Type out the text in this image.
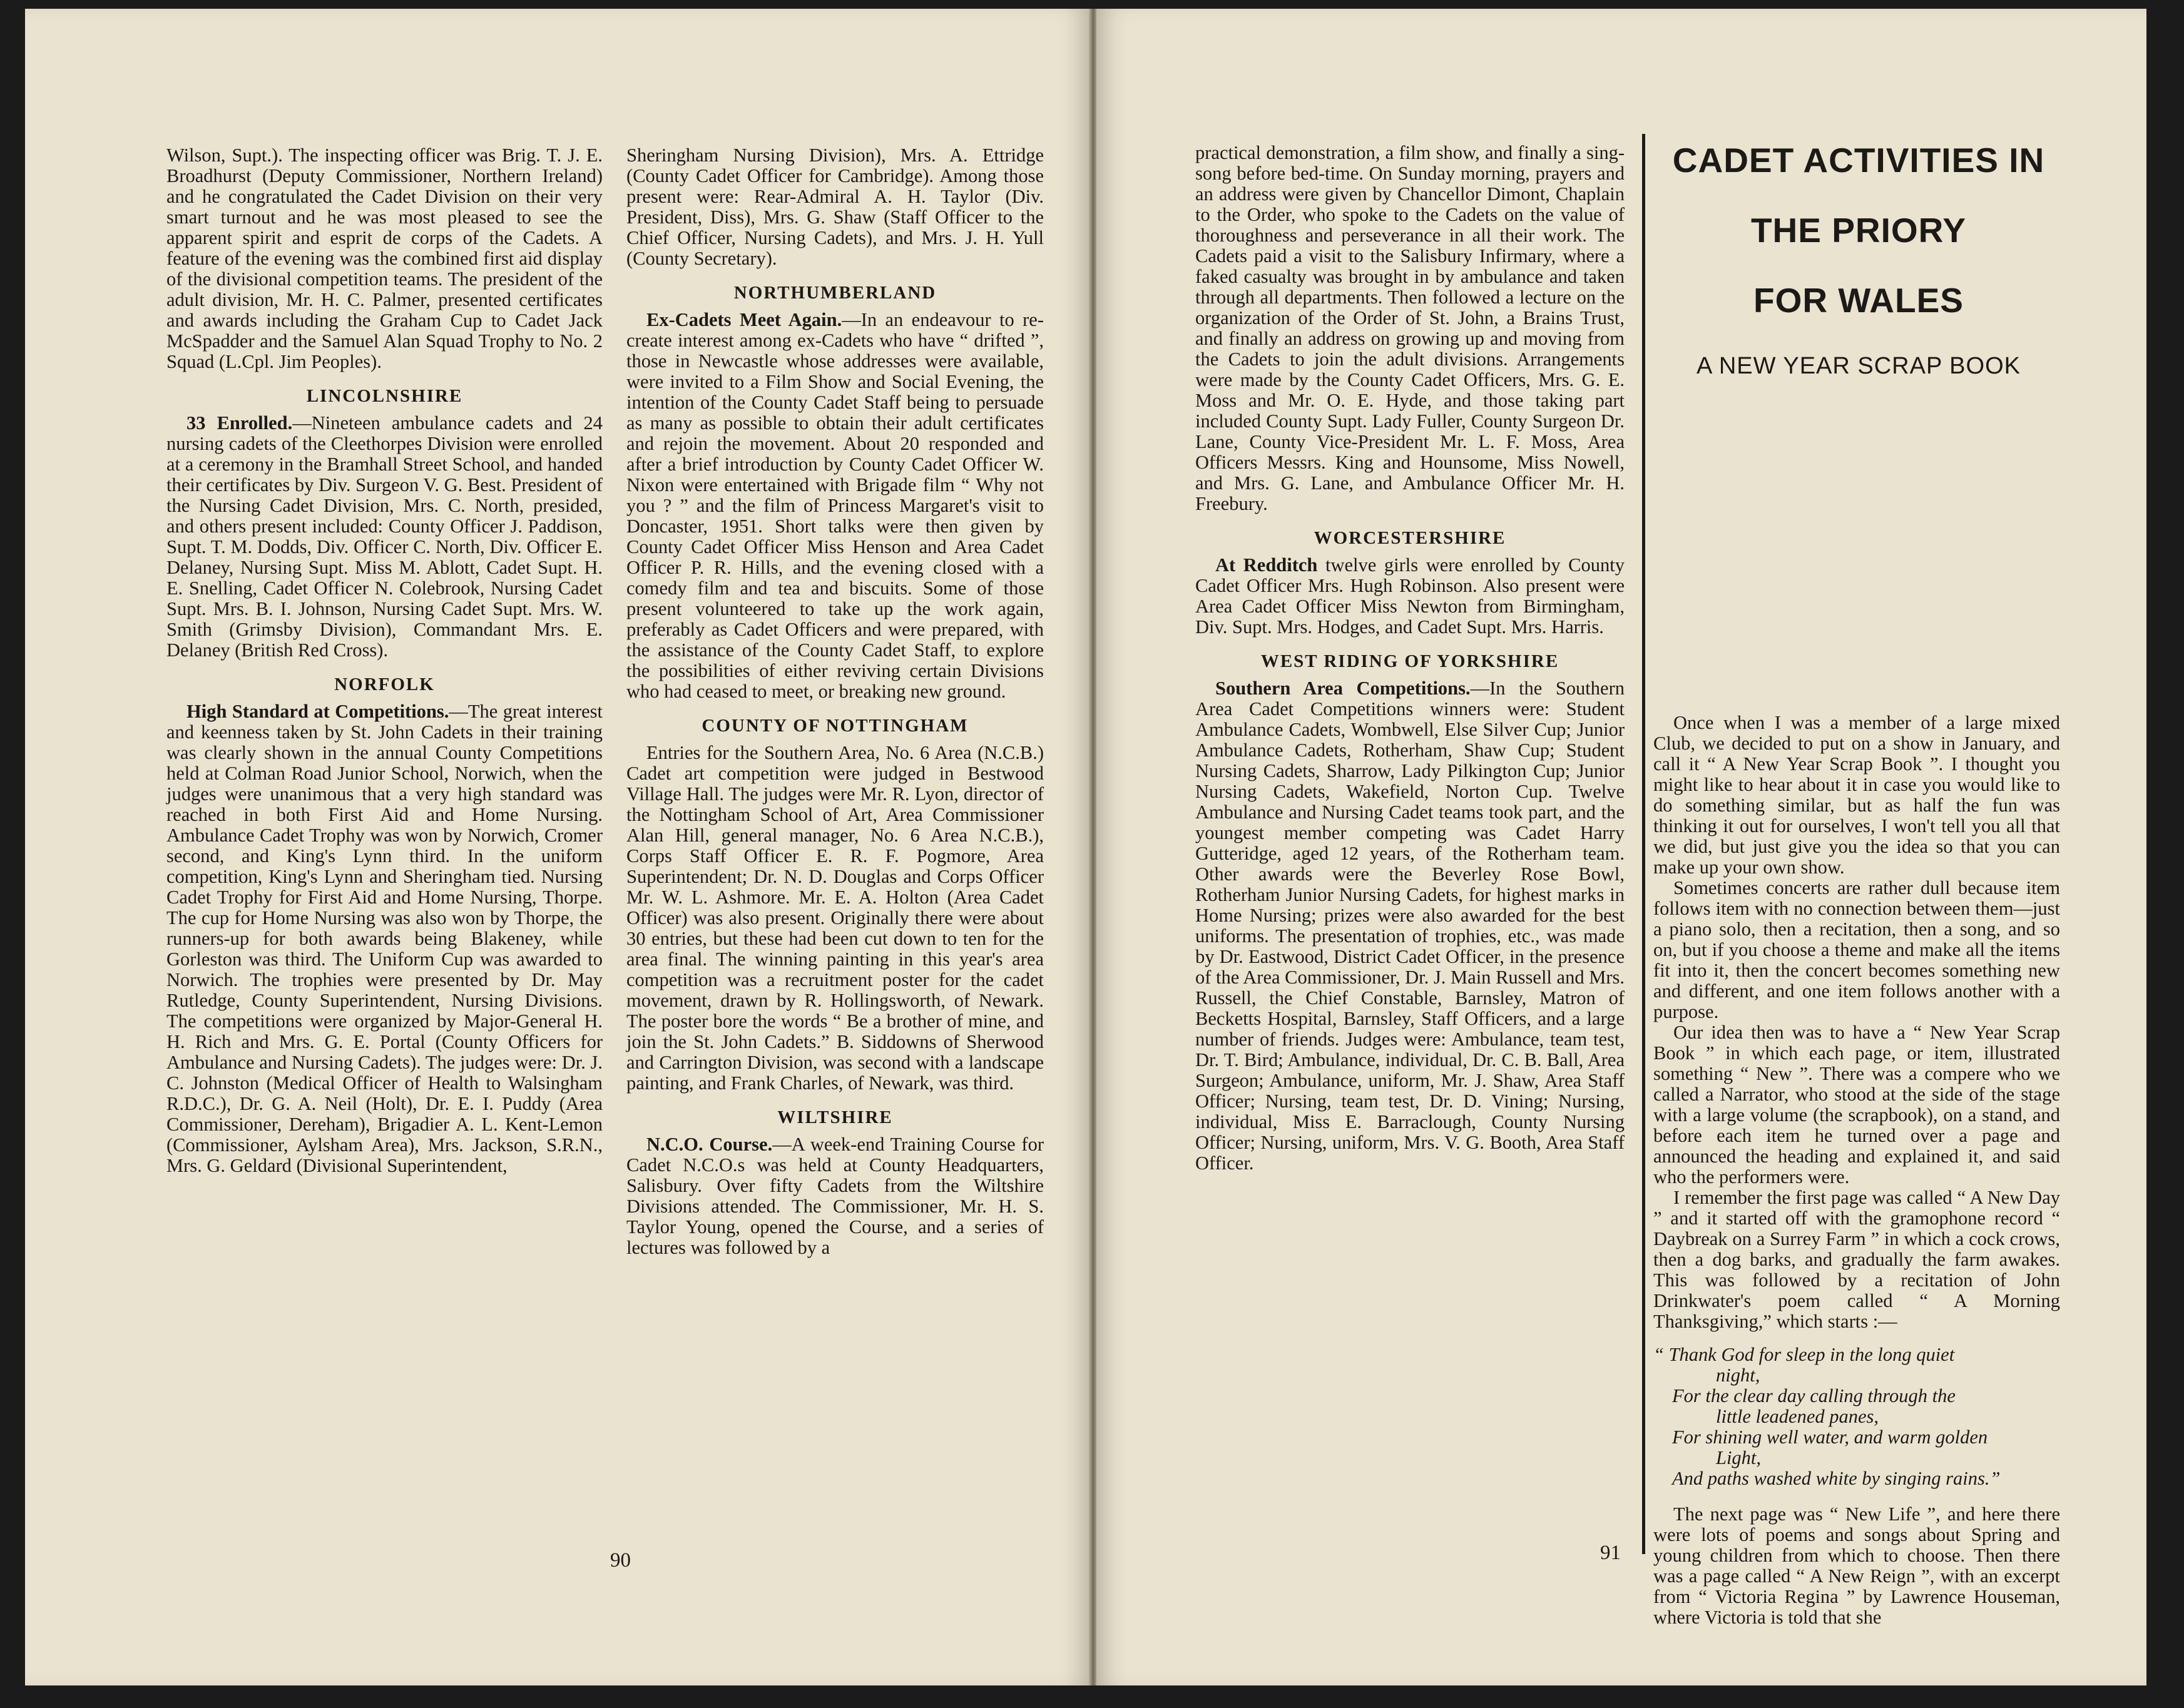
Wilson, Supt.). The inspecting officer was Brig. T. J. E. Broadhurst (Deputy Commissioner, Northern Ireland) and he congratulated the Cadet Division on their very smart turnout and he was most pleased to see the apparent spirit and esprit de corps of the Cadets. A feature of the evening was the combined first aid display of the divisional competition teams. The president of the adult division, Mr. H. C. Palmer, presented certificates and awards including the Graham Cup to Cadet Jack McSpadder and the Samuel Alan Squad Trophy to No. 2 Squad (L.Cpl. Jim Peoples).

LINCOLNSHIRE

33 Enrolled.—Nineteen ambulance cadets and 24 nursing cadets of the Cleethorpes Division were enrolled at a ceremony in the Bramhall Street School, and handed their certificates by Div. Surgeon V. G. Best. President of the Nursing Cadet Division, Mrs. C. North, presided, and others present included: County Officer J. Paddison, Supt. T. M. Dodds, Div. Officer C. North, Div. Officer E. Delaney, Nursing Supt. Miss M. Ablott, Cadet Supt. H. E. Snelling, Cadet Officer N. Colebrook, Nursing Cadet Supt. Mrs. B. I. Johnson, Nursing Cadet Supt. Mrs. W. Smith (Grimsby Division), Commandant Mrs. E. Delaney (British Red Cross).

NORFOLK

High Standard at Competitions.—The great interest and keenness taken by St. John Cadets in their training was clearly shown in the annual County Competitions held at Colman Road Junior School, Norwich, when the judges were unanimous that a very high standard was reached in both First Aid and Home Nursing. Ambulance Cadet Trophy was won by Norwich, Cromer second, and King's Lynn third. In the uniform competition, King's Lynn and Sheringham tied. Nursing Cadet Trophy for First Aid and Home Nursing, Thorpe. The cup for Home Nursing was also won by Thorpe, the runners-up for both awards being Blakeney, while Gorleston was third. The Uniform Cup was awarded to Norwich. The trophies were presented by Dr. May Rutledge, County Superintendent, Nursing Divisions. The competitions were organized by Major-General H. H. Rich and Mrs. G. E. Portal (County Officers for Ambulance and Nursing Cadets). The judges were: Dr. J. C. Johnston (Medical Officer of Health to Walsingham R.D.C.), Dr. G. A. Neil (Holt), Dr. E. I. Puddy (Area Commissioner, Dereham), Brigadier A. L. Kent-Lemon (Commissioner, Aylsham Area), Mrs. Jackson, S.R.N., Mrs. G. Geldard (Divisional Superintendent,

Sheringham Nursing Division), Mrs. A. Ettridge (County Cadet Officer for Cambridge). Among those present were: Rear-Admiral A. H. Taylor (Div. President, Diss), Mrs. G. Shaw (Staff Officer to the Chief Officer, Nursing Cadets), and Mrs. J. H. Yull (County Secretary).

NORTHUMBERLAND

Ex-Cadets Meet Again.—In an endeavour to re-create interest among ex-Cadets who have “ drifted ”, those in Newcastle whose addresses were available, were invited to a Film Show and Social Evening, the intention of the County Cadet Staff being to persuade as many as possible to obtain their adult certificates and rejoin the movement. About 20 responded and after a brief introduction by County Cadet Officer W. Nixon were entertained with Brigade film “ Why not you ? ” and the film of Princess Margaret's visit to Doncaster, 1951. Short talks were then given by County Cadet Officer Miss Henson and Area Cadet Officer P. R. Hills, and the evening closed with a comedy film and tea and biscuits. Some of those present volunteered to take up the work again, preferably as Cadet Officers and were prepared, with the assistance of the County Cadet Staff, to explore the possibilities of either reviving certain Divisions who had ceased to meet, or breaking new ground.

COUNTY OF NOTTINGHAM

Entries for the Southern Area, No. 6 Area (N.C.B.) Cadet art competition were judged in Bestwood Village Hall. The judges were Mr. R. Lyon, director of the Nottingham School of Art, Area Commissioner Alan Hill, general manager, No. 6 Area N.C.B.), Corps Staff Officer E. R. F. Pogmore, Area Superintendent; Dr. N. D. Douglas and Corps Officer Mr. W. L. Ashmore. Mr. E. A. Holton (Area Cadet Officer) was also present. Originally there were about 30 entries, but these had been cut down to ten for the area final. The winning painting in this year's area competition was a recruitment poster for the cadet movement, drawn by R. Hollingsworth, of Newark. The poster bore the words “ Be a brother of mine, and join the St. John Cadets.” B. Siddowns of Sherwood and Carrington Division, was second with a landscape painting, and Frank Charles, of Newark, was third.

WILTSHIRE

N.C.O. Course.—A week-end Training Course for Cadet N.C.O.s was held at County Headquarters, Salisbury. Over fifty Cadets from the Wiltshire Divisions attended. The Commissioner, Mr. H. S. Taylor Young, opened the Course, and a series of lectures was followed by a

90

practical demonstration, a film show, and finally a sing-song before bed-time. On Sunday morning, prayers and an address were given by Chancellor Dimont, Chaplain to the Order, who spoke to the Cadets on the value of thoroughness and perseverance in all their work. The Cadets paid a visit to the Salisbury Infirmary, where a faked casualty was brought in by ambulance and taken through all departments. Then followed a lecture on the organization of the Order of St. John, a Brains Trust, and finally an address on growing up and moving from the Cadets to join the adult divisions. Arrangements were made by the County Cadet Officers, Mrs. G. E. Moss and Mr. O. E. Hyde, and those taking part included County Supt. Lady Fuller, County Surgeon Dr. Lane, County Vice-President Mr. L. F. Moss, Area Officers Messrs. King and Hounsome, Miss Nowell, and Mrs. G. Lane, and Ambulance Officer Mr. H. Freebury.

WORCESTERSHIRE

At Redditch twelve girls were enrolled by County Cadet Officer Mrs. Hugh Robinson. Also present were Area Cadet Officer Miss Newton from Birmingham, Div. Supt. Mrs. Hodges, and Cadet Supt. Mrs. Harris.

WEST RIDING OF YORKSHIRE

Southern Area Competitions.—In the Southern Area Cadet Competitions winners were: Student Ambulance Cadets, Wombwell, Else Silver Cup; Junior Ambulance Cadets, Rotherham, Shaw Cup; Student Nursing Cadets, Sharrow, Lady Pilkington Cup; Junior Nursing Cadets, Wakefield, Norton Cup. Twelve Ambulance and Nursing Cadet teams took part, and the youngest member competing was Cadet Harry Gutteridge, aged 12 years, of the Rotherham team. Other awards were the Beverley Rose Bowl, Rotherham Junior Nursing Cadets, for highest marks in Home Nursing; prizes were also awarded for the best uniforms. The presentation of trophies, etc., was made by Dr. Eastwood, District Cadet Officer, in the presence of the Area Commissioner, Dr. J. Main Russell and Mrs. Russell, the Chief Constable, Barnsley, Matron of Becketts Hospital, Barnsley, Staff Officers, and a large number of friends. Judges were: Ambulance, team test, Dr. T. Bird; Ambulance, individual, Dr. C. B. Ball, Area Surgeon; Ambulance, uniform, Mr. J. Shaw, Area Staff Officer; Nursing, team test, Dr. D. Vining; Nursing, individual, Miss E. Barraclough, County Nursing Officer; Nursing, uniform, Mrs. V. G. Booth, Area Staff Officer.

CADET ACTIVITIES IN
THE PRIORY
FOR WALES
A NEW YEAR SCRAP BOOK

Once when I was a member of a large mixed Club, we decided to put on a show in January, and call it “ A New Year Scrap Book ”. I thought you might like to hear about it in case you would like to do something similar, but as half the fun was thinking it out for ourselves, I won't tell you all that we did, but just give you the idea so that you can make up your own show.

Sometimes concerts are rather dull because item follows item with no connection between them—just a piano solo, then a recitation, then a song, and so on, but if you choose a theme and make all the items fit into it, then the concert becomes something new and different, and one item follows another with a purpose.

Our idea then was to have a “ New Year Scrap Book ” in which each page, or item, illustrated something “ New ”. There was a compere who we called a Narrator, who stood at the side of the stage with a large volume (the scrapbook), on a stand, and before each item he turned over a page and announced the heading and explained it, and said who the performers were.

I remember the first page was called “ A New Day ” and it started off with the gramophone record “ Daybreak on a Surrey Farm ” in which a cock crows, then a dog barks, and gradually the farm awakes. This was followed by a recitation of John Drinkwater's poem called “ A Morning Thanksgiving,” which starts :—

“ Thank God for sleep in the long quiet
night,
For the clear day calling through the
little leadened panes,
For shining well water, and warm golden
Light,
And paths washed white by singing rains.”

The next page was “ New Life ”, and here there were lots of poems and songs about Spring and young children from which to choose. Then there was a page called “ A New Reign ”, with an excerpt from “ Victoria Regina ” by Lawrence Houseman, where Victoria is told that she

91
